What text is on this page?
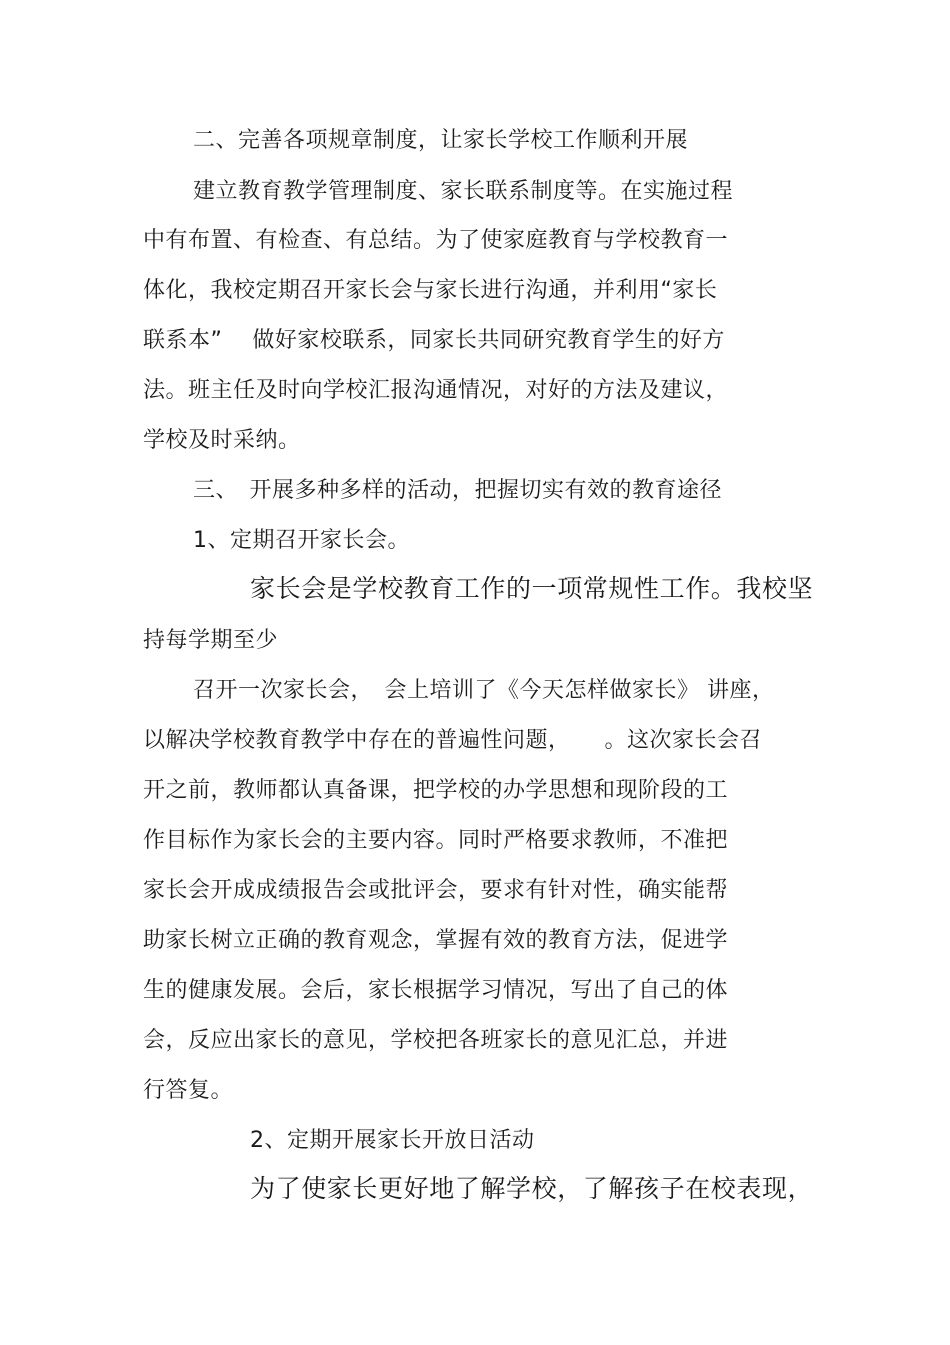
二、完善各项规章制度，让家长学校工作顺利开展
建立教育教学管理制度、家长联系制度等。在实施过程
中有布置、有检查、有总结。为了使家庭教育与学校教育一
体化，我校定期召开家长会与家长进行沟通，并利用“家长
联系本”　 做好家校联系，同家长共同研究教育学生的好方
法。班主任及时向学校汇报沟通情况，对好的方法及建议，
学校及时采纳。
三、　开展多种多样的活动，把握切实有效的教育途径
1、定期召开家长会。
家长会是学校教育工作的一项常规性工作。我校坚
持每学期至少
召开一次家长会，　会上培训了《今天怎样做家长》 讲座，
以解决学校教育教学中存在的普遍性问题，　　。这次家长会召
开之前，教师都认真备课，把学校的办学思想和现阶段的工
作目标作为家长会的主要内容。同时严格要求教师，不准把
家长会开成成绩报告会或批评会，要求有针对性，确实能帮
助家长树立正确的教育观念，掌握有效的教育方法，促进学
生的健康发展。会后，家长根据学习情况，写出了自己的体
会，反应出家长的意见，学校把各班家长的意见汇总，并进
行答复。
2、定期开展家长开放日活动
为了使家长更好地了解学校，了解孩子在校表现，
